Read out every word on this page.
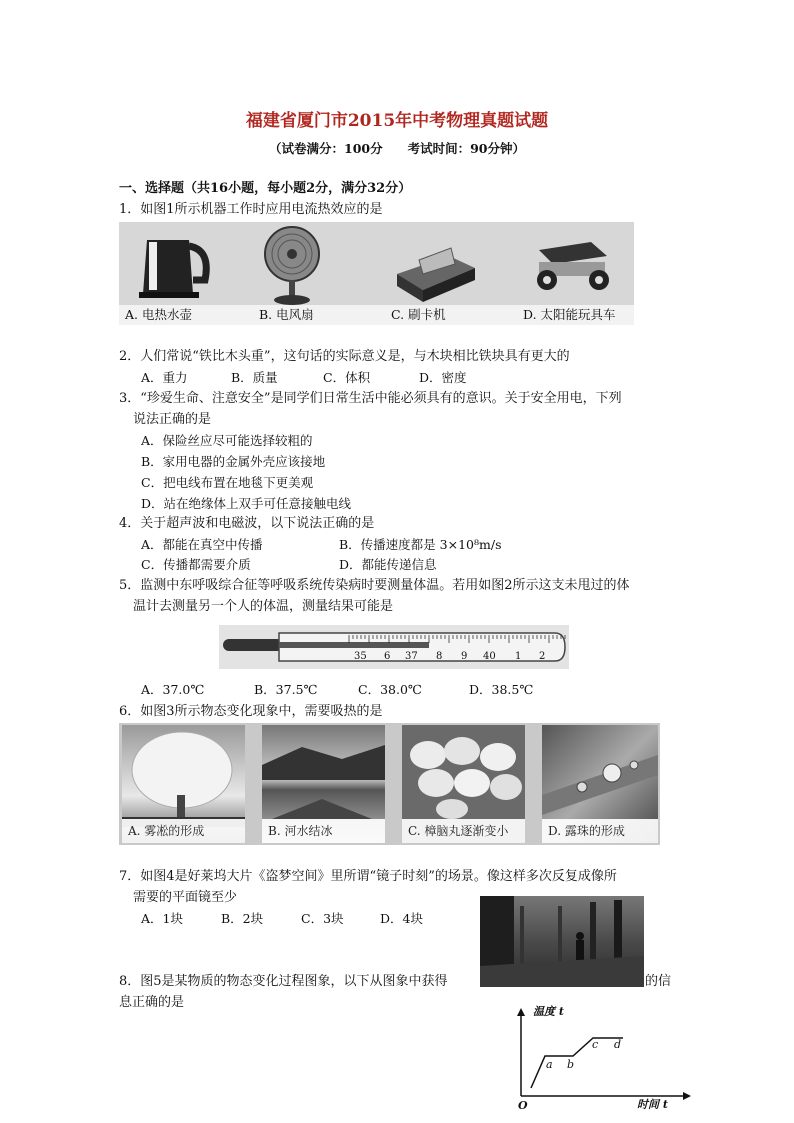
福建省厦门市2015年中考物理真题试题
（试卷满分：100分　　考试时间：90分钟）
一、选择题（共16小题，每小题2分，满分32分）
1．如图1所示机器工作时应用电流热效应的是
A. 电热水壶	B. 电风扇	C. 刷卡机	D. 太阳能玩具车
2．人们常说“铁比木头重”，这句话的实际意义是，与木块相比铁块具有更大的
A．重力	B．质量	C．体积	D．密度
3．“珍爱生命、注意安全”是同学们日常生活中能必须具有的意识。关于安全用电，下列
说法正确的是
A．保险丝应尽可能选择较粗的
B．家用电器的金属外壳应该接地
C．把电线布置在地毯下更美观
D．站在绝缘体上双手可任意接触电线
4．关于超声波和电磁波，以下说法正确的是
A．都能在真空中传播	B．传播速度都是 3×10⁸m/s
C．传播都需要介质	D．都能传递信息
5．监测中东呼吸综合征等呼吸系统传染病时要测量体温。若用如图2所示这支未甩过的体
温计去测量另一个人的体温，测量结果可能是
35 6 37 8 9 40 1 2
A．37.0℃	B．37.5℃	C．38.0℃	D．38.5℃
6．如图3所示物态变化现象中，需要吸热的是
A. 雾凇的形成	B. 河水结冰	C. 樟脑丸逐渐变小	D. 露珠的形成
7．如图4是好莱坞大片《盗梦空间》里所谓“镜子时刻”的场景。像这样多次反复成像所
需要的平面镜至少
A．1块	B．2块	C．3块	D．4块
8．图5是某物质的物态变化过程图象，以下从图象中获得	的信
息正确的是
温度 t
时间 t
O
a b
c d
